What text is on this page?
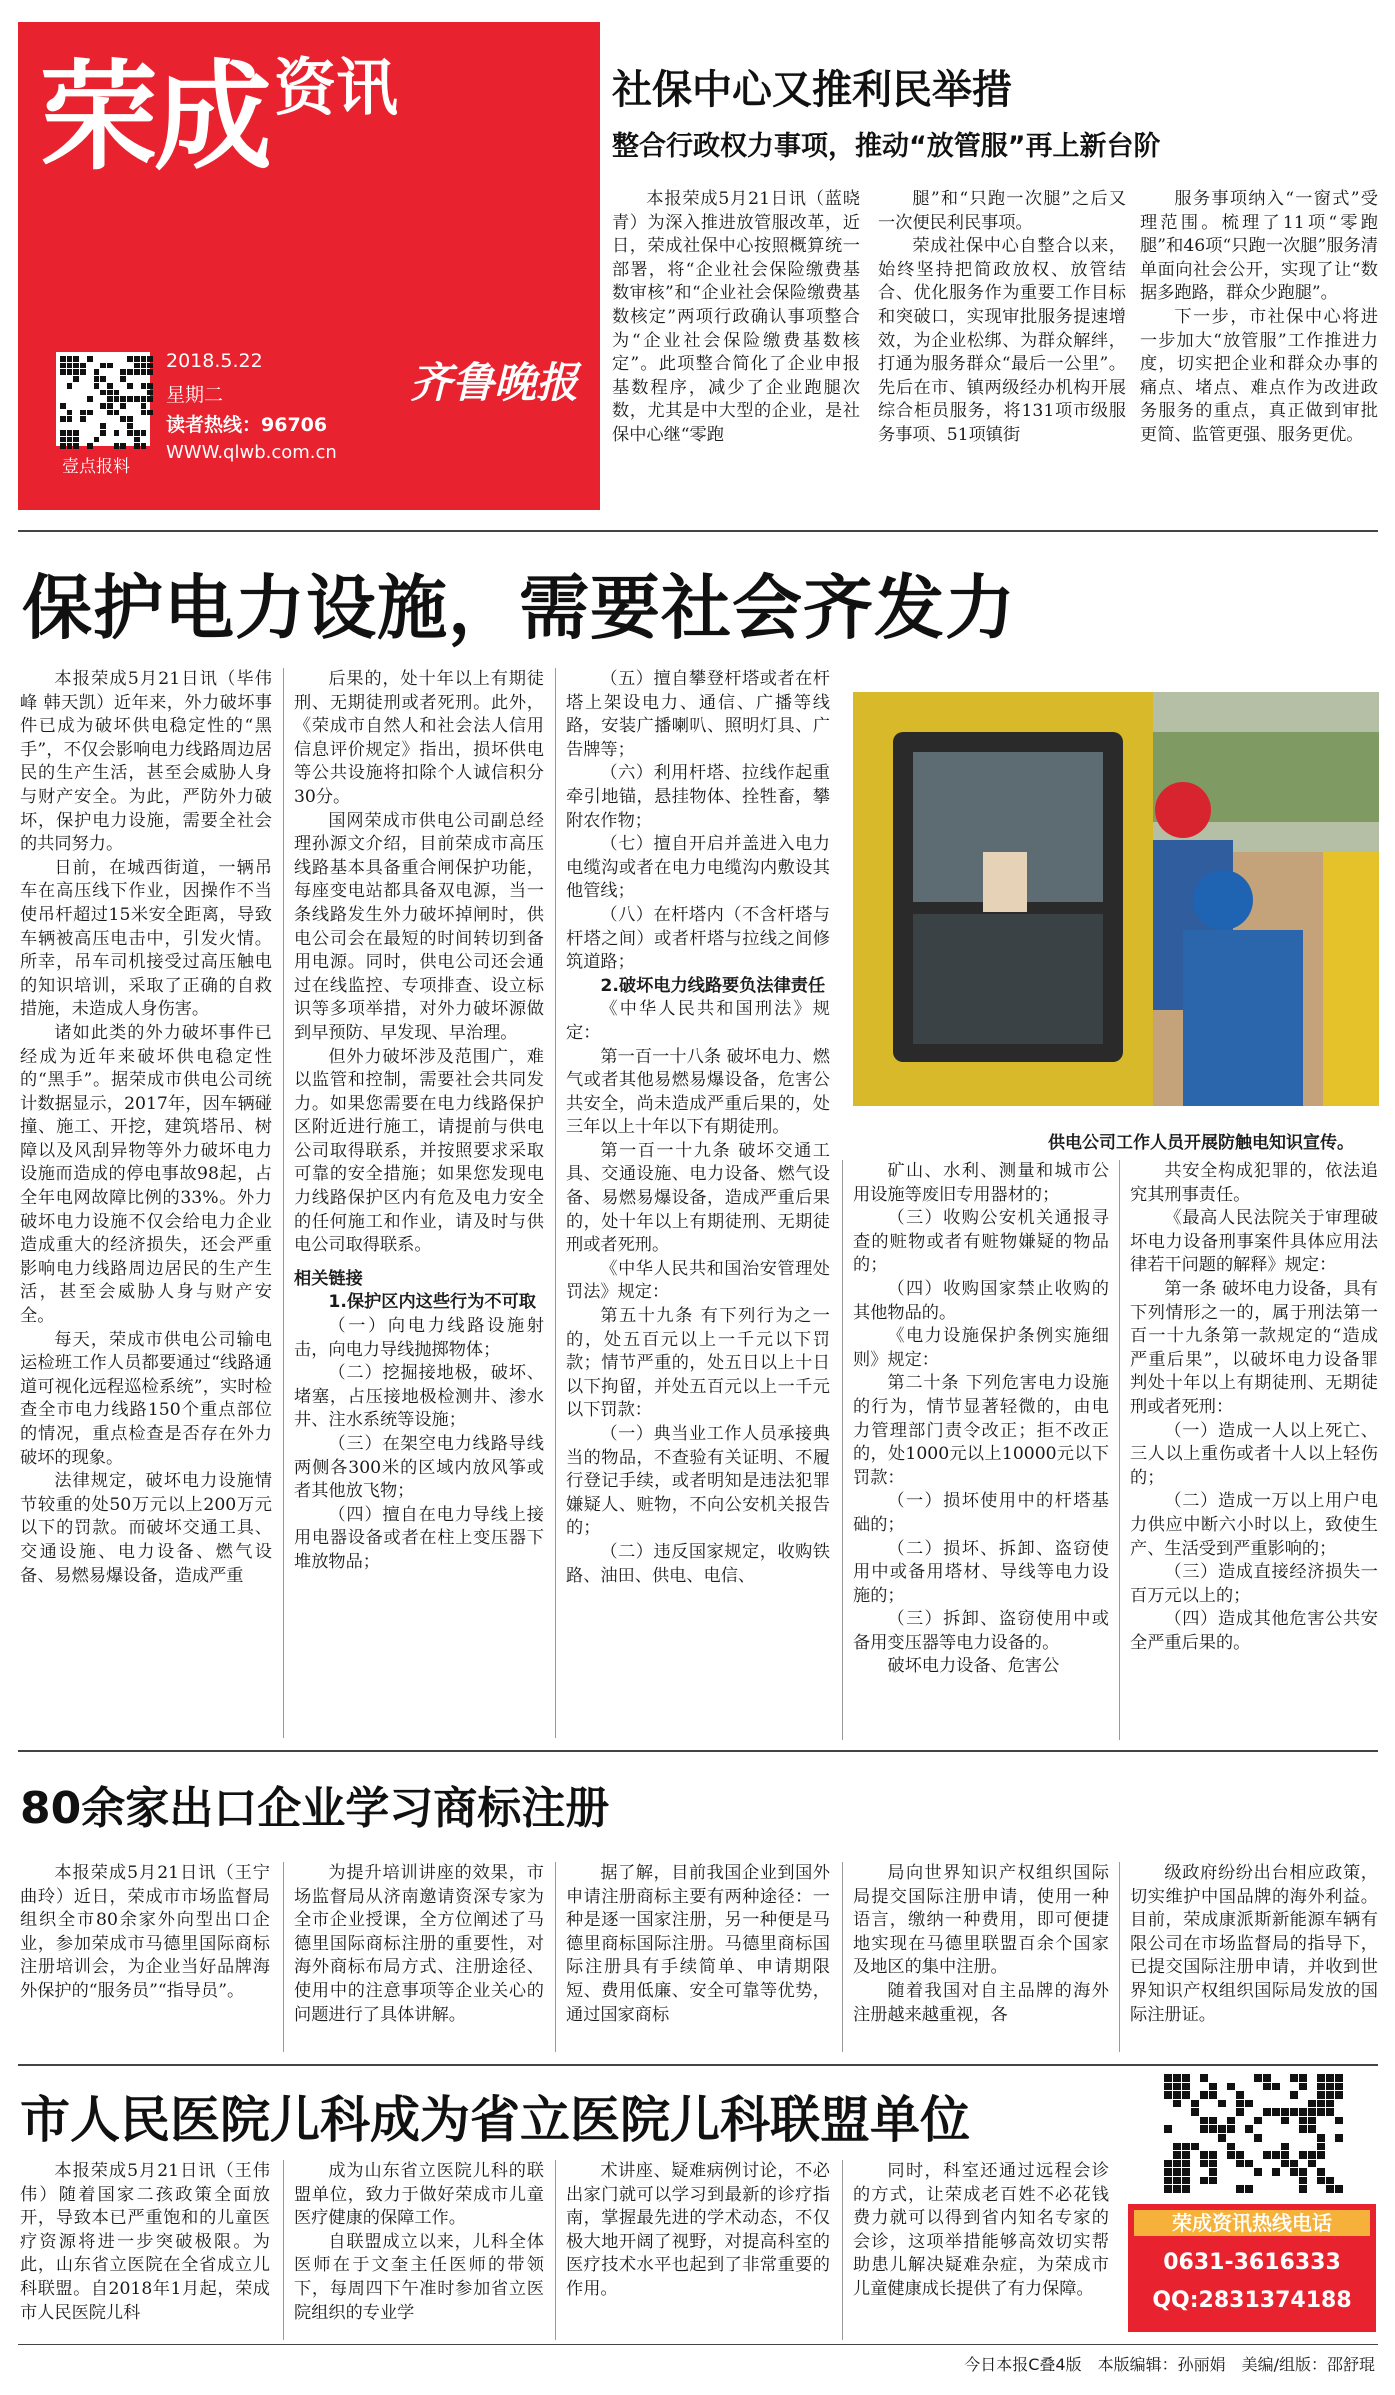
荣成资讯
壹点报料
2018.5.22
星期二
读者热线：96706
WWW.qlwb.com.cn
齐鲁晚报
社保中心又推利民举措
整合行政权力事项，推动“放管服”再上新台阶

本报荣成5月21日讯（蓝晓青）为深入推进放管服改革，近日，荣成社保中心按照概算统一部署，将“企业社会保险缴费基数审核”和“企业社会保险缴费基数核定”两项行政确认事项整合为“企业社会保险缴费基数核定”。此项整合简化了企业申报基数程序，减少了企业跑腿次数，尤其是中大型的企业，是社保中心继“零跑

腿”和“只跑一次腿”之后又一次便民利民事项。

荣成社保中心自整合以来，始终坚持把简政放权、放管结合、优化服务作为重要工作目标和突破口，实现审批服务提速增效，为企业松绑、为群众解绊，打通为服务群众“最后一公里”。先后在市、镇两级经办机构开展综合柜员服务，将131项市级服务事项、51项镇街

服务事项纳入“一窗式”受理范围。梳理了11项“零跑腿”和46项“只跑一次腿”服务清单面向社会公开，实现了让“数据多跑路，群众少跑腿”。

下一步，市社保中心将进一步加大“放管服”工作推进力度，切实把企业和群众办事的痛点、堵点、难点作为改进政务服务的重点，真正做到审批更简、监管更强、服务更优。

保护电力设施，需要社会齐发力

本报荣成5月21日讯（毕伟峰 韩天凯）近年来，外力破坏事件已成为破坏供电稳定性的“黑手”，不仅会影响电力线路周边居民的生产生活，甚至会威胁人身与财产安全。为此，严防外力破坏，保护电力设施，需要全社会的共同努力。

日前，在城西街道，一辆吊车在高压线下作业，因操作不当使吊杆超过15米安全距离，导致车辆被高压电击中，引发火情。所幸，吊车司机接受过高压触电的知识培训，采取了正确的自救措施，未造成人身伤害。

诸如此类的外力破坏事件已经成为近年来破坏供电稳定性的“黑手”。据荣成市供电公司统计数据显示，2017年，因车辆碰撞、施工、开挖，建筑塔吊、树障以及风刮异物等外力破坏电力设施而造成的停电事故98起，占全年电网故障比例的33%。外力破坏电力设施不仅会给电力企业造成重大的经济损失，还会严重影响电力线路周边居民的生产生活，甚至会威胁人身与财产安全。

每天，荣成市供电公司输电运检班工作人员都要通过“线路通道可视化远程巡检系统”，实时检查全市电力线路150个重点部位的情况，重点检查是否存在外力破坏的现象。

法律规定，破坏电力设施情节较重的处50万元以上200万元以下的罚款。而破坏交通工具、交通设施、电力设备、燃气设备、易燃易爆设备，造成严重

后果的，处十年以上有期徒刑、无期徒刑或者死刑。此外，《荣成市自然人和社会法人信用信息评价规定》指出，损坏供电等公共设施将扣除个人诚信积分30分。

国网荣成市供电公司副总经理孙源文介绍，目前荣成市高压线路基本具备重合闸保护功能，每座变电站都具备双电源，当一条线路发生外力破坏掉闸时，供电公司会在最短的时间转切到备用电源。同时，供电公司还会通过在线监控、专项排查、设立标识等多项举措，对外力破坏源做到早预防、早发现、早治理。

但外力破坏涉及范围广，难以监管和控制，需要社会共同发力。如果您需要在电力线路保护区附近进行施工，请提前与供电公司取得联系，并按照要求采取可靠的安全措施；如果您发现电力线路保护区内有危及电力安全的任何施工和作业，请及时与供电公司取得联系。

相关链接
1.保护区内这些行为不可取

（一）向电力线路设施射击，向电力导线抛掷物体；

（二）挖掘接地极，破坏、堵塞，占压接地极检测井、渗水井、注水系统等设施；

（三）在架空电力线路导线两侧各300米的区域内放风筝或者其他放飞物；

（四）擅自在电力导线上接用电器设备或者在柱上变压器下堆放物品；

（五）擅自攀登杆塔或者在杆塔上架设电力、通信、广播等线路，安装广播喇叭、照明灯具、广告牌等；

（六）利用杆塔、拉线作起重牵引地锚，悬挂物体、拴牲畜，攀附农作物；

（七）擅自开启并盖进入电力电缆沟或者在电力电缆沟内敷设其他管线；

（八）在杆塔内（不含杆塔与杆塔之间）或者杆塔与拉线之间修筑道路；

2.破坏电力线路要负法律责任

《中华人民共和国刑法》规定：

第一百一十八条 破坏电力、燃气或者其他易燃易爆设备，危害公共安全，尚未造成严重后果的，处三年以上十年以下有期徒刑。

第一百一十九条 破坏交通工具、交通设施、电力设备、燃气设备、易燃易爆设备，造成严重后果的，处十年以上有期徒刑、无期徒刑或者死刑。

《中华人民共和国治安管理处罚法》规定：

第五十九条 有下列行为之一的，处五百元以上一千元以下罚款；情节严重的，处五日以上十日以下拘留，并处五百元以上一千元以下罚款：

（一）典当业工作人员承接典当的物品，不查验有关证明、不履行登记手续，或者明知是违法犯罪嫌疑人、赃物，不向公安机关报告的；

（二）违反国家规定，收购铁路、油田、供电、电信、

供电公司工作人员开展防触电知识宣传。

矿山、水利、测量和城市公用设施等废旧专用器材的；

（三）收购公安机关通报寻查的赃物或者有赃物嫌疑的物品的；

（四）收购国家禁止收购的其他物品的。

《电力设施保护条例实施细则》规定：

第二十条 下列危害电力设施的行为，情节显著轻微的，由电力管理部门责令改正；拒不改正的，处1000元以上10000元以下罚款：

（一）损坏使用中的杆塔基础的；

（二）损坏、拆卸、盗窃使用中或备用塔材、导线等电力设施的；

（三）拆卸、盗窃使用中或备用变压器等电力设备的。

破坏电力设备、危害公

共安全构成犯罪的，依法追究其刑事责任。

《最高人民法院关于审理破坏电力设备刑事案件具体应用法律若干问题的解释》规定：

第一条 破坏电力设备，具有下列情形之一的，属于刑法第一百一十九条第一款规定的“造成严重后果”，以破坏电力设备罪判处十年以上有期徒刑、无期徒刑或者死刑：

（一）造成一人以上死亡、三人以上重伤或者十人以上轻伤的；

（二）造成一万以上用户电力供应中断六小时以上，致使生产、生活受到严重影响的；

（三）造成直接经济损失一百万元以上的；

（四）造成其他危害公共安全严重后果的。

80余家出口企业学习商标注册

本报荣成5月21日讯（王宁 曲玲）近日，荣成市市场监督局组织全市80余家外向型出口企业，参加荣成市马德里国际商标注册培训会，为企业当好品牌海外保护的“服务员”“指导员”。

为提升培训讲座的效果，市场监督局从济南邀请资深专家为全市企业授课，全方位阐述了马德里国际商标注册的重要性，对海外商标布局方式、注册途径、使用中的注意事项等企业关心的问题进行了具体讲解。

据了解，目前我国企业到国外申请注册商标主要有两种途径：一种是逐一国家注册，另一种便是马德里商标国际注册。马德里商标国际注册具有手续简单、申请期限短、费用低廉、安全可靠等优势，通过国家商标

局向世界知识产权组织国际局提交国际注册申请，使用一种语言，缴纳一种费用，即可便捷地实现在马德里联盟百余个国家及地区的集中注册。

随着我国对自主品牌的海外注册越来越重视，各

级政府纷纷出台相应政策，切实维护中国品牌的海外利益。目前，荣成康派斯新能源车辆有限公司在市场监督局的指导下，已提交国际注册申请，并收到世界知识产权组织国际局发放的国际注册证。

市人民医院儿科成为省立医院儿科联盟单位

本报荣成5月21日讯（王伟伟）随着国家二孩政策全面放开，导致本已严重饱和的儿童医疗资源将进一步突破极限。为此，山东省立医院在全省成立儿科联盟。自2018年1月起，荣成市人民医院儿科

成为山东省立医院儿科的联盟单位，致力于做好荣成市儿童医疗健康的保障工作。

自联盟成立以来，儿科全体医师在于文奎主任医师的带领下，每周四下午准时参加省立医院组织的专业学

术讲座、疑难病例讨论，不必出家门就可以学习到最新的诊疗指南，掌握最先进的学术动态，不仅极大地开阔了视野，对提高科室的医疗技术水平也起到了非常重要的作用。

同时，科室还通过远程会诊的方式，让荣成老百姓不必花钱费力就可以得到省内知名专家的会诊，这项举措能够高效切实帮助患儿解决疑难杂症，为荣成市儿童健康成长提供了有力保障。

荣成资讯热线电话
0631-3616333
QQ:2831374188
今日本报C叠4版　本版编辑：孙丽娟　美编/组版：邵舒琨
